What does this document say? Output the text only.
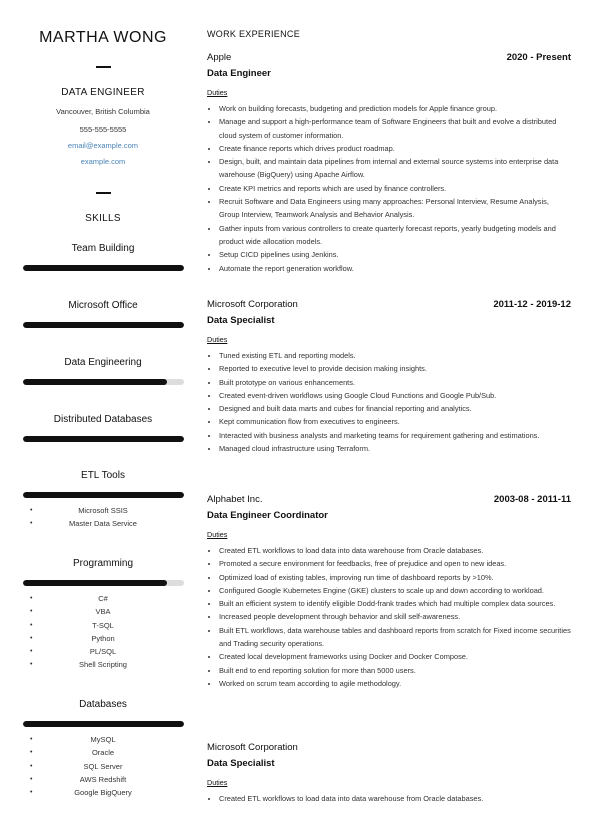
MARTHA WONG
DATA ENGINEER
Vancouver, British Columbia
555-555-5555
email@example.com
example.com
SKILLS
Team Building
Microsoft Office
Data Engineering
Distributed Databases
ETL Tools
• Microsoft SSIS
• Master Data Service
Programming
• C#
• VBA
• T-SQL
• Python
• PL/SQL
• Shell Scripting
Databases
• MySQL
• Oracle
• SQL Server
• AWS Redshift
• Google BigQuery
WORK EXPERIENCE
Apple	2020 - Present
Data Engineer
Duties
• Work on building forecasts, budgeting and prediction models for Apple finance group.
• Manage and support a high-performance team of Software Engineers that built and evolve a distributed cloud system of customer information.
• Create finance reports which drives product roadmap.
• Design, built, and maintain data pipelines from internal and external source systems into enterprise data warehouse (BigQuery) using Apache Airflow.
• Create KPI metrics and reports which are used by finance controllers.
• Recruit Software and Data Engineers using many approaches: Personal Interview, Resume Analysis, Group Interview, Teamwork Analysis and Behavior Analysis.
• Gather inputs from various controllers to create quarterly forecast reports, yearly budgeting models and product wide allocation models.
• Setup CICD pipelines using Jenkins.
• Automate the report generation workflow.
Microsoft Corporation	2011-12 - 2019-12
Data Specialist
Duties
• Tuned existing ETL and reporting models.
• Reported to executive level to provide decision making insights.
• Built prototype on various enhancements.
• Created event-driven workflows using Google Cloud Functions and Google Pub/Sub.
• Designed and built data marts and cubes for financial reporting and analytics.
• Kept communication flow from executives to engineers.
• Interacted with business analysts and marketing teams for requirement gathering and estimations.
• Managed cloud infrastructure using Terraform.
Alphabet Inc.	2003-08 - 2011-11
Data Engineer Coordinator
Duties
• Created ETL workflows to load data into data warehouse from Oracle databases.
• Promoted a secure environment for feedbacks, free of prejudice and open to new ideas.
• Optimized load of existing tables, improving run time of dashboard reports by >10%.
• Configured Google Kubernetes Engine (GKE) clusters to scale up and down according to workload.
• Built an efficient system to identify eligible Dodd-frank trades which had multiple complex data sources.
• Increased people development through behavior and skill self-awareness.
• Built ETL workflows, data warehouse tables and dashboard reports from scratch for Fixed income securities and Trading security operations.
• Created local development frameworks using Docker and Docker Compose.
• Built end to end reporting solution for more than 5000 users.
• Worked on scrum team according to agile methodology.
Microsoft Corporation
Data Specialist
Duties
• Created ETL workflows to load data into data warehouse from Oracle databases.
